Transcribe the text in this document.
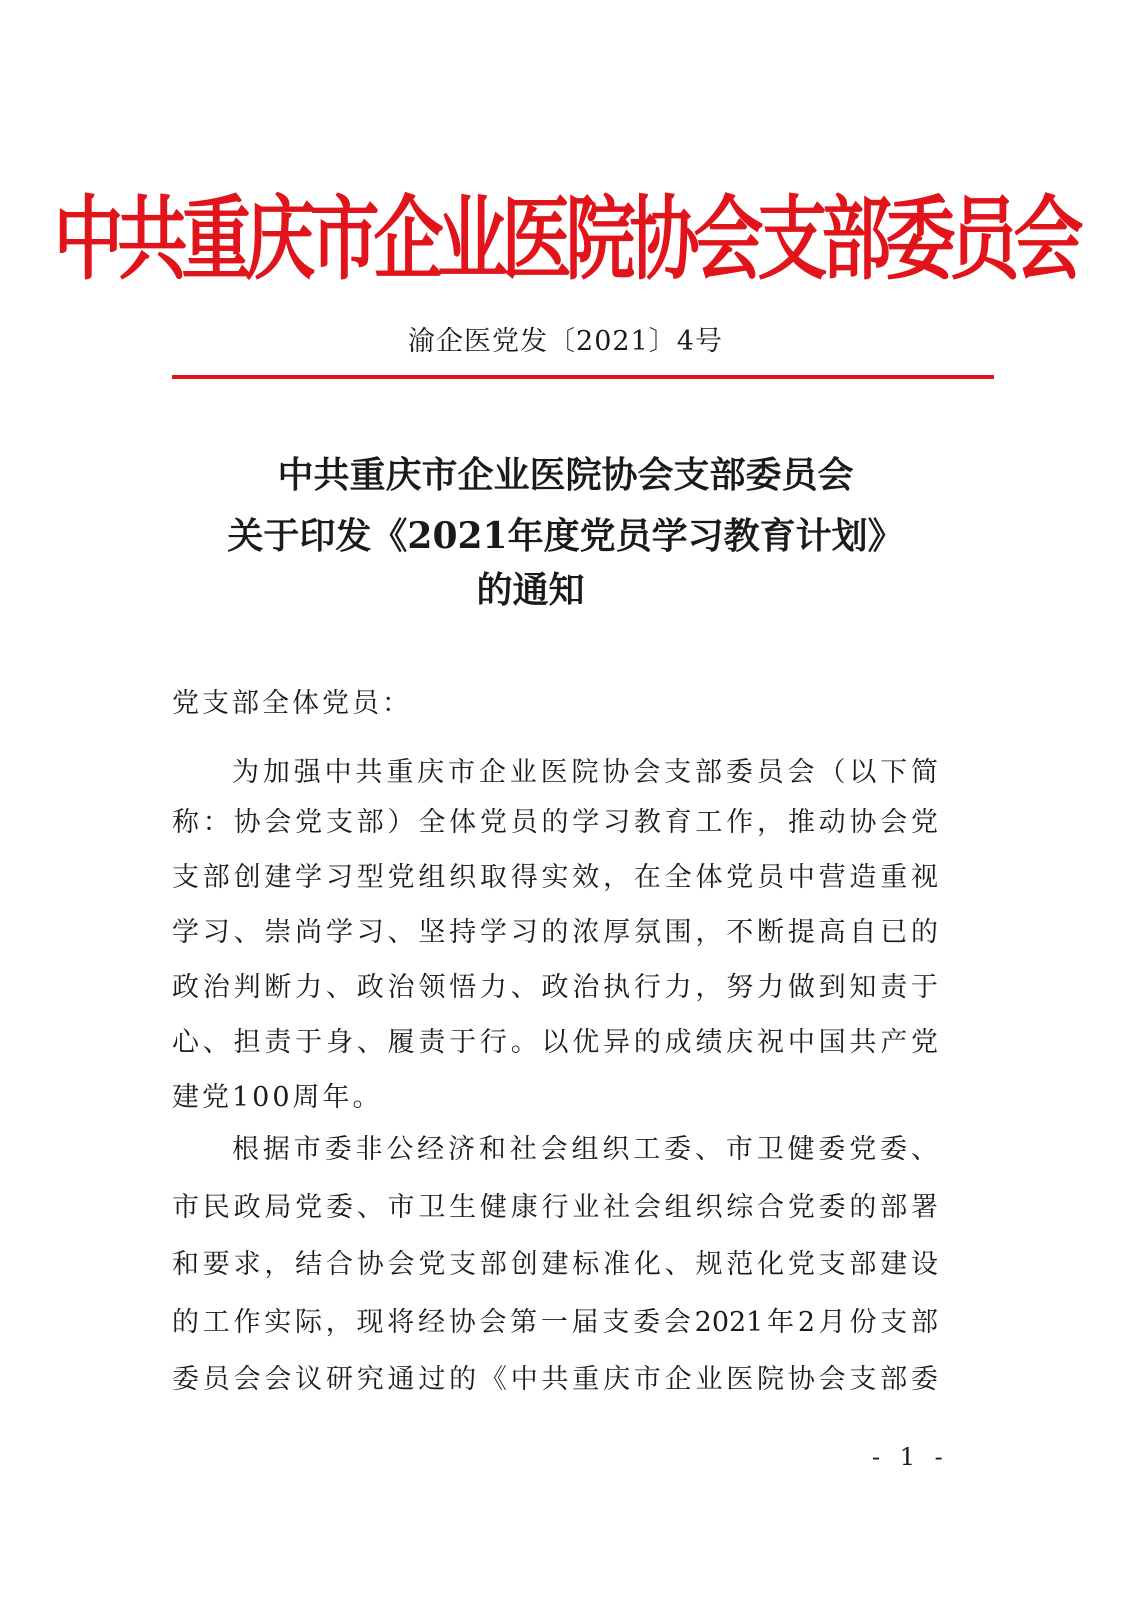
中共重庆市企业医院协会支部委员会
渝企医党发〔2021〕4号
中共重庆市企业医院协会支部委员会
关于印发《2021年度党员学习教育计划》
的通知
党支部全体党员：
为加强中共重庆市企业医院协会支部委员会（以下简
称：协会党支部）全体党员的学习教育工作，推动协会党
支部创建学习型党组织取得实效，在全体党员中营造重视
学习、崇尚学习、坚持学习的浓厚氛围，不断提高自已的
政治判断力、政治领悟力、政治执行力，努力做到知责于
心、担责于身、履责于行。以优异的成绩庆祝中国共产党
建党100周年。
根据市委非公经济和社会组织工委、市卫健委党委、
市民政局党委、市卫生健康行业社会组织综合党委的部署
和要求，结合协会党支部创建标准化、规范化党支部建设
的工作实际，现将经协会第一届支委会2021年2月份支部
委员会会议研究通过的《中共重庆市企业医院协会支部委
- 1 -
